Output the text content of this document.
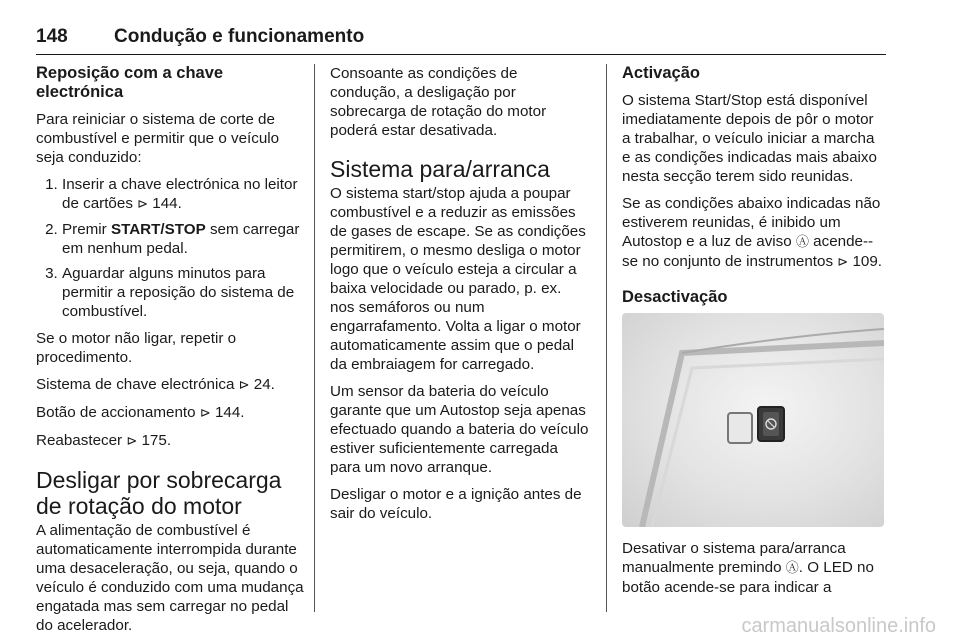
148 Condução e funcionamento
Reposição com a chave electrónica

Para reiniciar o sistema de corte de combustível e permitir que o veículo seja conduzido:

1. Inserir a chave electrónica no leitor de cartões ⊳ 144.
2. Premir START/STOP sem carregar em nenhum pedal.
3. Aguardar alguns minutos para permitir a reposição do sistema de combustível.

Se o motor não ligar, repetir o procedimento.

Sistema de chave electrónica ⊳ 24.

Botão de accionamento ⊳ 144.

Reabastecer ⊳ 175.

Desligar por sobrecarga de rotação do motor

A alimentação de combustível é automaticamente interrompida durante uma desaceleração, ou seja, quando o veículo é conduzido com uma mudança engatada mas sem carregar no pedal do acelerador.

Consoante as condições de condução, a desligação por sobrecarga de rotação do motor poderá estar desativada.

Sistema para/arranca

O sistema start/stop ajuda a poupar combustível e a reduzir as emissões de gases de escape. Se as condições permitirem, o mesmo desliga o motor logo que o veículo esteja a circular a baixa velocidade ou parado, p. ex. nos semáforos ou num engarrafamento. Volta a ligar o motor automaticamente assim que o pedal da embraiagem for carregado.

Um sensor da bateria do veículo garante que um Autostop seja apenas efectuado quando a bateria do veículo estiver suficientemente carregada para um novo arranque.

Desligar o motor e a ignição antes de sair do veículo.

Activação

O sistema Start/Stop está disponível imediatamente depois de pôr o motor a trabalhar, o veículo iniciar a marcha e as condições indicadas mais abaixo nesta secção terem sido reunidas.

Se as condições abaixo indicadas não estiverem reunidas, é inibido um Autostop e a luz de aviso Ⓐ acende--se no conjunto de instrumentos ⊳ 109.

Desactivação

Desativar o sistema para/arranca manualmente premindo Ⓐ. O LED no botão acende-se para indicar a

carmanualsonline.info
